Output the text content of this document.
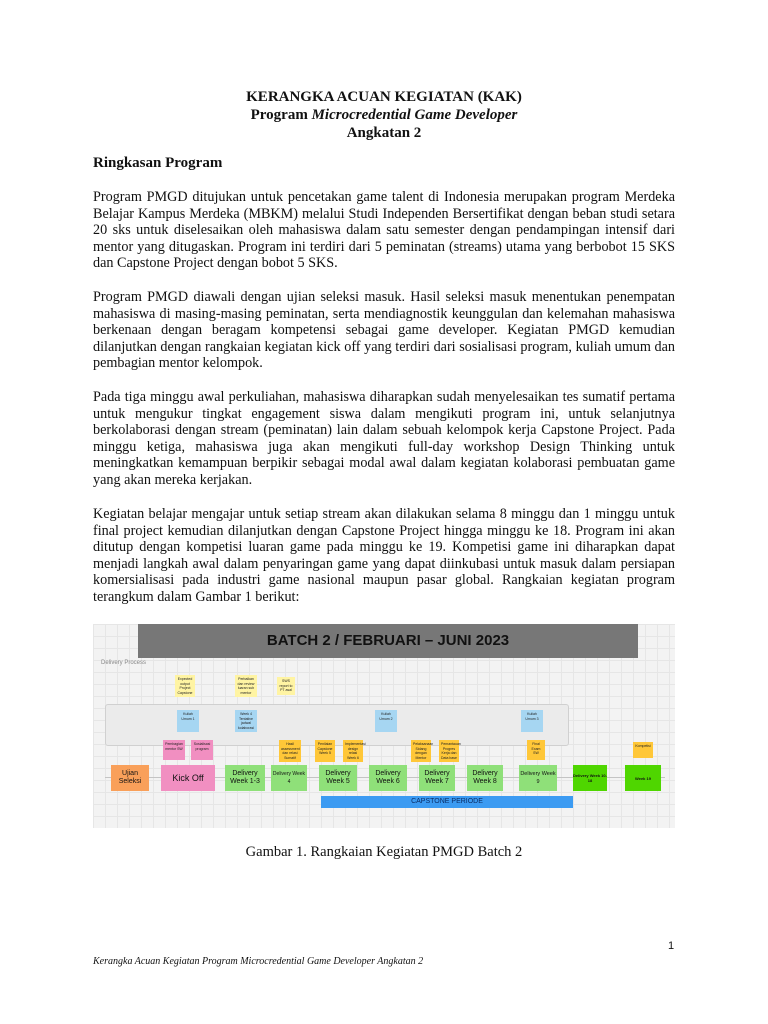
KERANGKA ACUAN KEGIATAN (KAK)
Program Microcredential Game Developer
Angkatan 2
Ringkasan Program

Program PMGD ditujukan untuk pencetakan game talent di Indonesia merupakan program Merdeka Belajar Kampus Merdeka (MBKM) melalui Studi Independen Bersertifikat dengan beban studi setara 20 sks untuk diselesaikan oleh mahasiswa dalam satu semester dengan pendampingan intensif dari mentor yang ditugaskan. Program ini terdiri dari 5 peminatan (streams) utama yang berbobot 15 SKS dan Capstone Project dengan bobot 5 SKS.

Program PMGD diawali dengan ujian seleksi masuk. Hasil seleksi masuk menentukan penempatan mahasiswa di masing-masing peminatan, serta mendiagnostik keunggulan dan kelemahan mahasiswa berkenaan dengan beragam kompetensi sebagai game developer. Kegiatan PMGD kemudian dilanjutkan dengan rangkaian kegiatan kick off yang terdiri dari sosialisasi program, kuliah umum dan pembagian mentor kelompok.

Pada tiga minggu awal perkuliahan, mahasiswa diharapkan sudah menyelesaikan tes sumatif pertama untuk mengukur tingkat engagement siswa dalam mengikuti program ini, untuk selanjutnya berkolaborasi dengan stream (peminatan) lain dalam sebuah kelompok kerja Capstone Project. Pada minggu ketiga, mahasiswa juga akan mengikuti full-day workshop Design Thinking untuk meningkatkan kemampuan berpikir sebagai modal awal dalam kegiatan kolaborasi pembuatan game yang akan mereka kerjakan.

Kegiatan belajar mengajar untuk setiap stream akan dilakukan selama 8 minggu dan 1 minggu untuk final project kemudian dilanjutkan dengan Capstone Project hingga minggu ke 18. Program ini akan ditutup dengan kompetisi luaran game pada minggu ke 19. Kompetisi game ini diharapkan dapat menjadi langkah awal dalam penyaringan game yang dapat diinkubasi untuk masuk dalam persiapan komersialisasi pada industri game nasional maupun pasar global. Rangkaian kegiatan program terangkum dalam Gambar 1 berikut:

BATCH 2 / FEBRUARI – JUNI 2023
Delivery Process
Expected output Project Capstone
Perbaikan dan review luaran sub mentor
SWS report to PT asal
Kuliah Umum 1
Week 4 Tentative jadwal kolaborasi
Kuliah Umum 2
Kuliah Umum 3
Pembagian mentor SW
Sosialisasi program
Hasil assessment dan relasi Sumatif
Penilaian Capstone Week 5
Implementasi design relasi Week 6
Pelaksanaan Sidang dengan Mentor
Pemantauan Progres Kerja dan Data base
Final Exam SW
Kompetisi
Ujian Seleksi	Kick Off	Delivery Week 1-3
Delivery Week 4
Delivery Week 5
Delivery Week 6
Delivery Week 7
Delivery Week 8
Delivery Week 9
Delivery Week 10-18	Week 19
CAPSTONE PERIODE
Gambar 1. Rangkaian Kegiatan PMGD Batch 2
1
Kerangka Acuan Kegiatan Program Microcredential Game Developer Angkatan 2
